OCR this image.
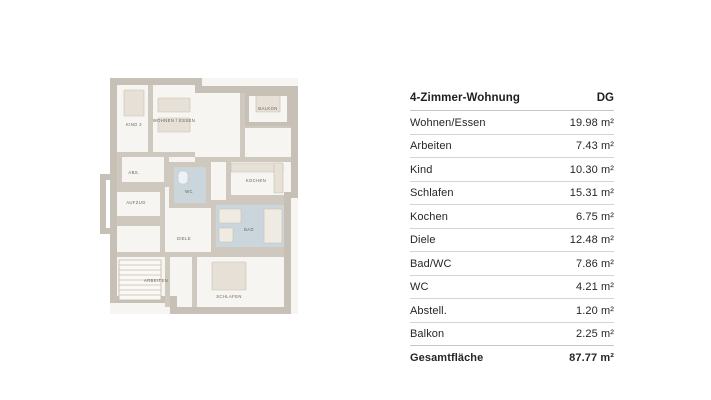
KIND 2
WOHNEN / ESSEN
BALKON
ABS.
KOCHEN
AUFZUG
WC
DIELE
BAD
ARBEITEN
SCHLAFEN
4-Zimmer-Wohnung	DG
Wohnen/Essen	19.98 m²
Arbeiten	7.43 m²
Kind	10.30 m²
Schlafen	15.31 m²
Kochen	6.75 m²
Diele	12.48 m²
Bad/WC	7.86 m²
WC	4.21 m²
Abstell.	1.20 m²
Balkon	2.25 m²
Gesamtfläche	87.77 m²
